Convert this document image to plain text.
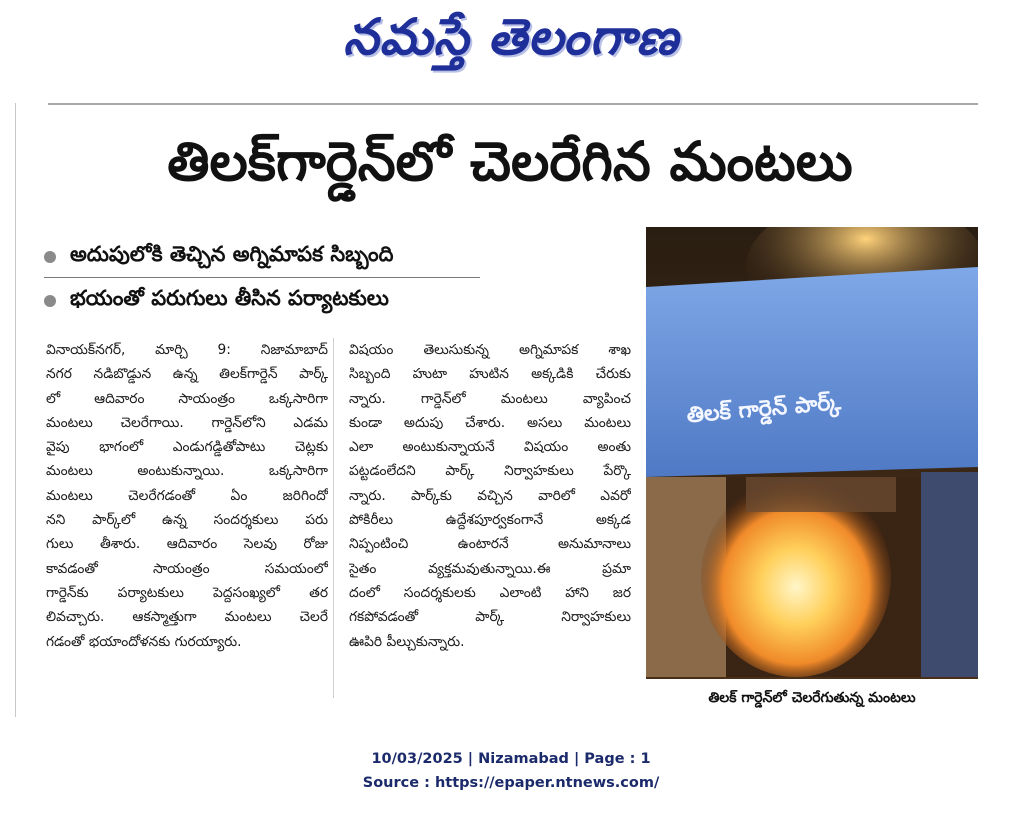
నమస్తే తెలంగాణ
తిలక్‌గార్డెన్‌లో చెలరేగిన మంటలు
అదుపులోకి తెచ్చిన అగ్నిమాపక సిబ్బంది
భయంతో పరుగులు తీసిన పర్యాటకులు

వినాయక్‌నగర్, మార్చి 9: నిజామాబాద్

నగర నడిబొడ్డున ఉన్న తిలక్‌గార్డెన్ పార్క్

లో ఆదివారం సాయంత్రం ఒక్కసారిగా

మంటలు చెలరేగాయి. గార్డెన్‌లోని ఎడమ

వైపు భాగంలో ఎండుగడ్డితోపాటు చెట్లకు

మంటలు అంటుకున్నాయి. ఒక్కసారిగా

మంటలు చెలరేగడంతో ఏం జరిగిందో

నని పార్క్‌లో ఉన్న సందర్శకులు పరు

గులు తీశారు. ఆదివారం సెలవు రోజు

కావడంతో సాయంత్రం సమయంలో

గార్డెన్‌కు పర్యాటకులు పెద్దసంఖ్యలో తర

లివచ్చారు. ఆకస్మాత్తుగా మంటలు చెలరే

గడంతో భయాందోళనకు గురయ్యారు.

విషయం తెలుసుకున్న అగ్నిమాపక శాఖ

సిబ్బంది హుటా హుటిన అక్కడికి చేరుకు

న్నారు. గార్డెన్‌లో మంటలు వ్యాపించ

కుండా అదుపు చేశారు. అసలు మంటలు

ఎలా అంటుకున్నాయనే విషయం అంతు

పట్టడంలేదని పార్క్ నిర్వాహకులు పేర్కొ

న్నారు. పార్క్‌కు వచ్చిన వారిలో ఎవరో

పోకిరీలు ఉద్దేశపూర్వకంగానే అక్కడ

నిప్పంటించి ఉంటారనే అనుమానాలు

సైతం వ్యక్తమవుతున్నాయి.ఈ ప్రమా

దంలో సందర్శకులకు ఎలాంటి హాని జర

గకపోవడంతో పార్క్ నిర్వాహకులు

ఊపిరి పీల్చుకున్నారు.

తిలక్ గార్డెన్ పార్క్
తిలక్ గార్డెన్‌లో చెలరేగుతున్న మంటలు
10/03/2025 | Nizamabad | Page : 1
Source : https://epaper.ntnews.com/
